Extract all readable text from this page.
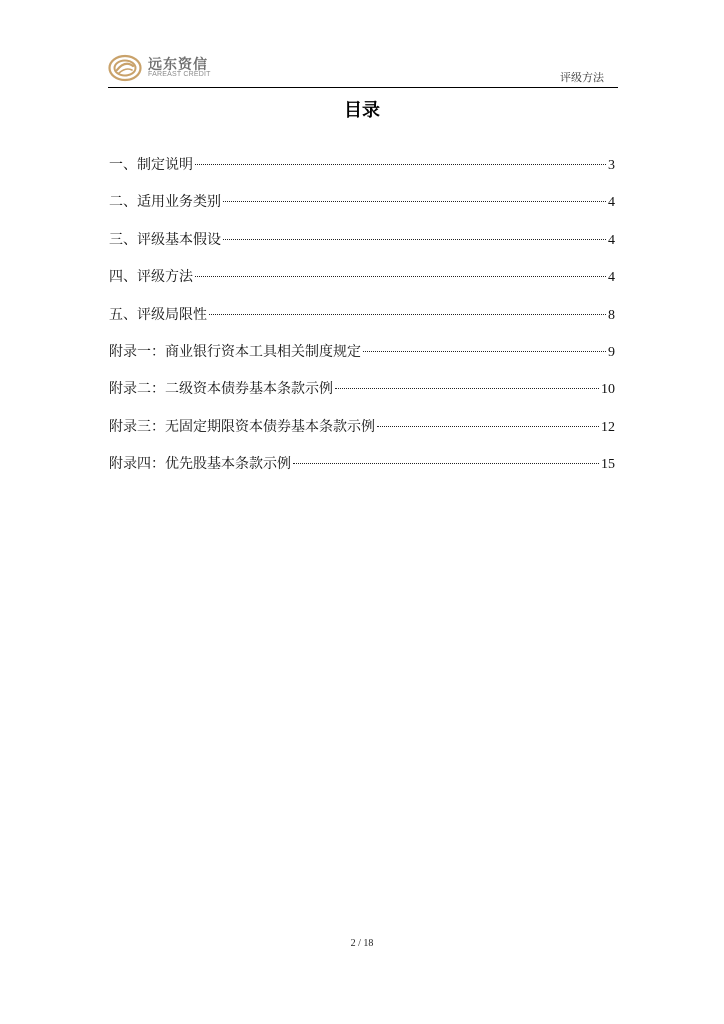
远东资信
FAREAST CREDIT	评级方法
目录
一、制定说明	3
二、适用业务类别	4
三、评级基本假设	4
四、评级方法	4
五、评级局限性	8
附录一：商业银行资本工具相关制度规定	9
附录二：二级资本债券基本条款示例	10
附录三：无固定期限资本债券基本条款示例	12
附录四：优先股基本条款示例	15
2 / 18
